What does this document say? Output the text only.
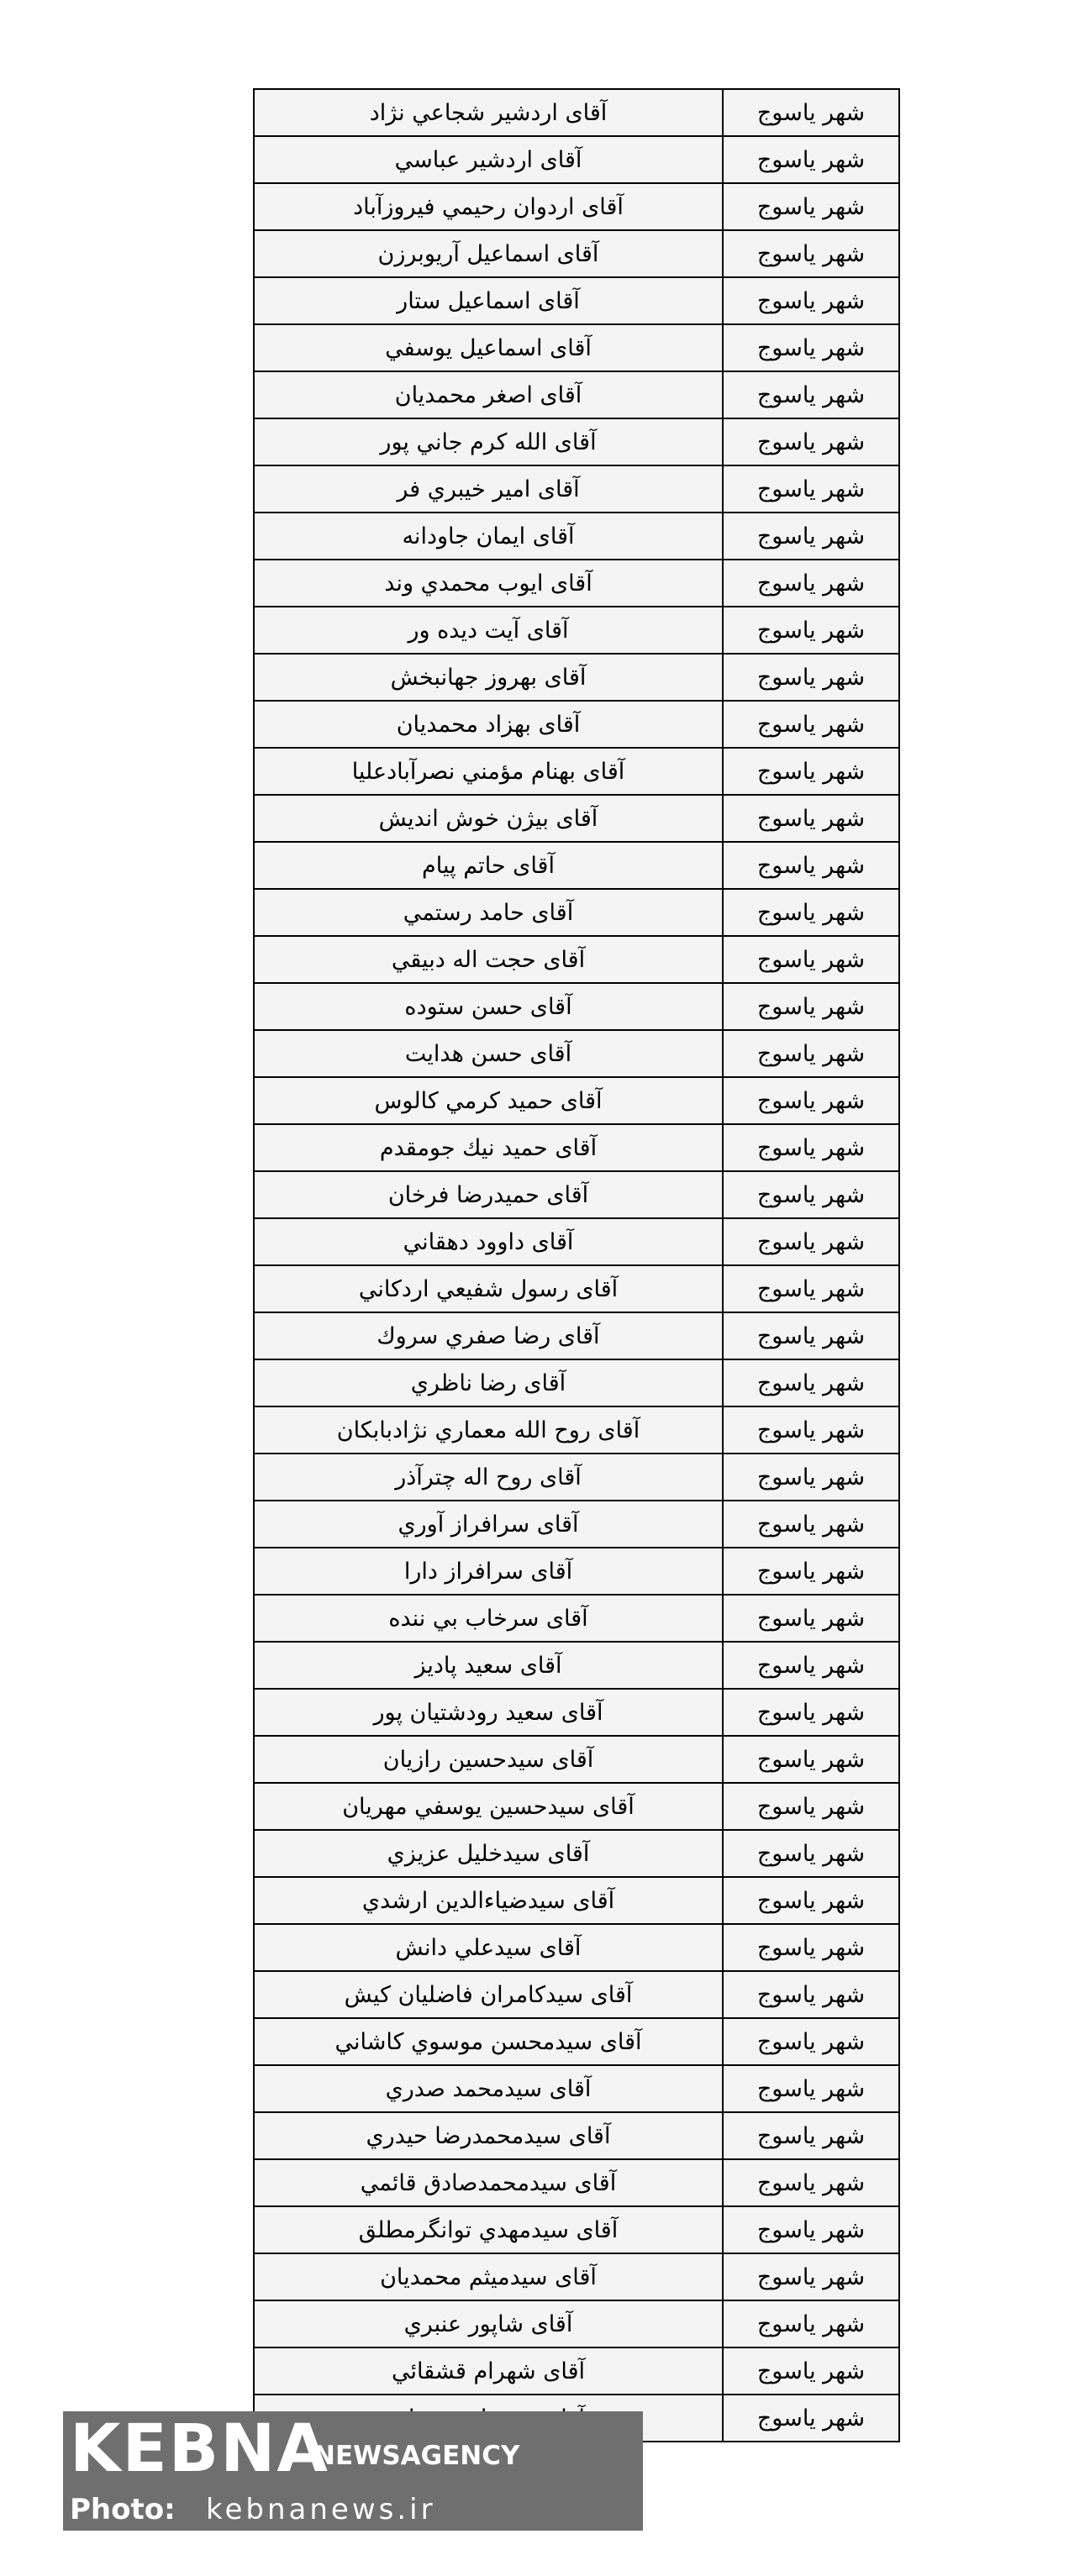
شهر ياسوج	آقای اردشير شجاعي نژاد
شهر ياسوج	آقای اردشير عباسي
شهر ياسوج	آقای اردوان رحيمي فيروزآباد
شهر ياسوج	آقای اسماعيل آريوبرزن
شهر ياسوج	آقای اسماعيل ستار
شهر ياسوج	آقای اسماعيل يوسفي
شهر ياسوج	آقای اصغر محمديان
شهر ياسوج	آقای الله كرم جاني پور
شهر ياسوج	آقای امير خيبري فر
شهر ياسوج	آقای ايمان جاودانه
شهر ياسوج	آقای ايوب محمدي وند
شهر ياسوج	آقای آيت ديده ور
شهر ياسوج	آقای بهروز جهانبخش
شهر ياسوج	آقای بهزاد محمديان
شهر ياسوج	آقای بهنام مؤمني نصرآبادعليا
شهر ياسوج	آقای بيژن خوش انديش
شهر ياسوج	آقای حاتم پيام
شهر ياسوج	آقای حامد رستمي
شهر ياسوج	آقای حجت اله دبيقي
شهر ياسوج	آقای حسن ستوده
شهر ياسوج	آقای حسن هدايت
شهر ياسوج	آقای حميد كرمي كالوس
شهر ياسوج	آقای حميد نيك جومقدم
شهر ياسوج	آقای حميدرضا فرخان
شهر ياسوج	آقای داوود دهقاني
شهر ياسوج	آقای رسول شفيعي اردكاني
شهر ياسوج	آقای رضا صفري سروك
شهر ياسوج	آقای رضا ناظري
شهر ياسوج	آقای روح الله معماري نژادبابكان
شهر ياسوج	آقای روح اله چترآذر
شهر ياسوج	آقای سرافراز آوري
شهر ياسوج	آقای سرافراز دارا
شهر ياسوج	آقای سرخاب بي ننده
شهر ياسوج	آقای سعيد پاديز
شهر ياسوج	آقای سعيد رودشتيان پور
شهر ياسوج	آقای سيدحسين رازيان
شهر ياسوج	آقای سيدحسين يوسفي مهريان
شهر ياسوج	آقای سيدخليل عزيزي
شهر ياسوج	آقای سيدضياءالدين ارشدي
شهر ياسوج	آقای سيدعلي دانش
شهر ياسوج	آقای سيدكامران فاضليان كيش
شهر ياسوج	آقای سيدمحسن موسوي كاشاني
شهر ياسوج	آقای سيدمحمد صدري
شهر ياسوج	آقای سيدمحمدرضا حيدري
شهر ياسوج	آقای سيدمحمدصادق قائمي
شهر ياسوج	آقای سيدمهدي توانگرمطلق
شهر ياسوج	آقای سيدميثم محمديان
شهر ياسوج	آقای شاپور عنبري
شهر ياسوج	آقای شهرام قشقائي
شهر ياسوج	
KEBNA
NEWSAGENCY
Photo: kebnanews.ir
